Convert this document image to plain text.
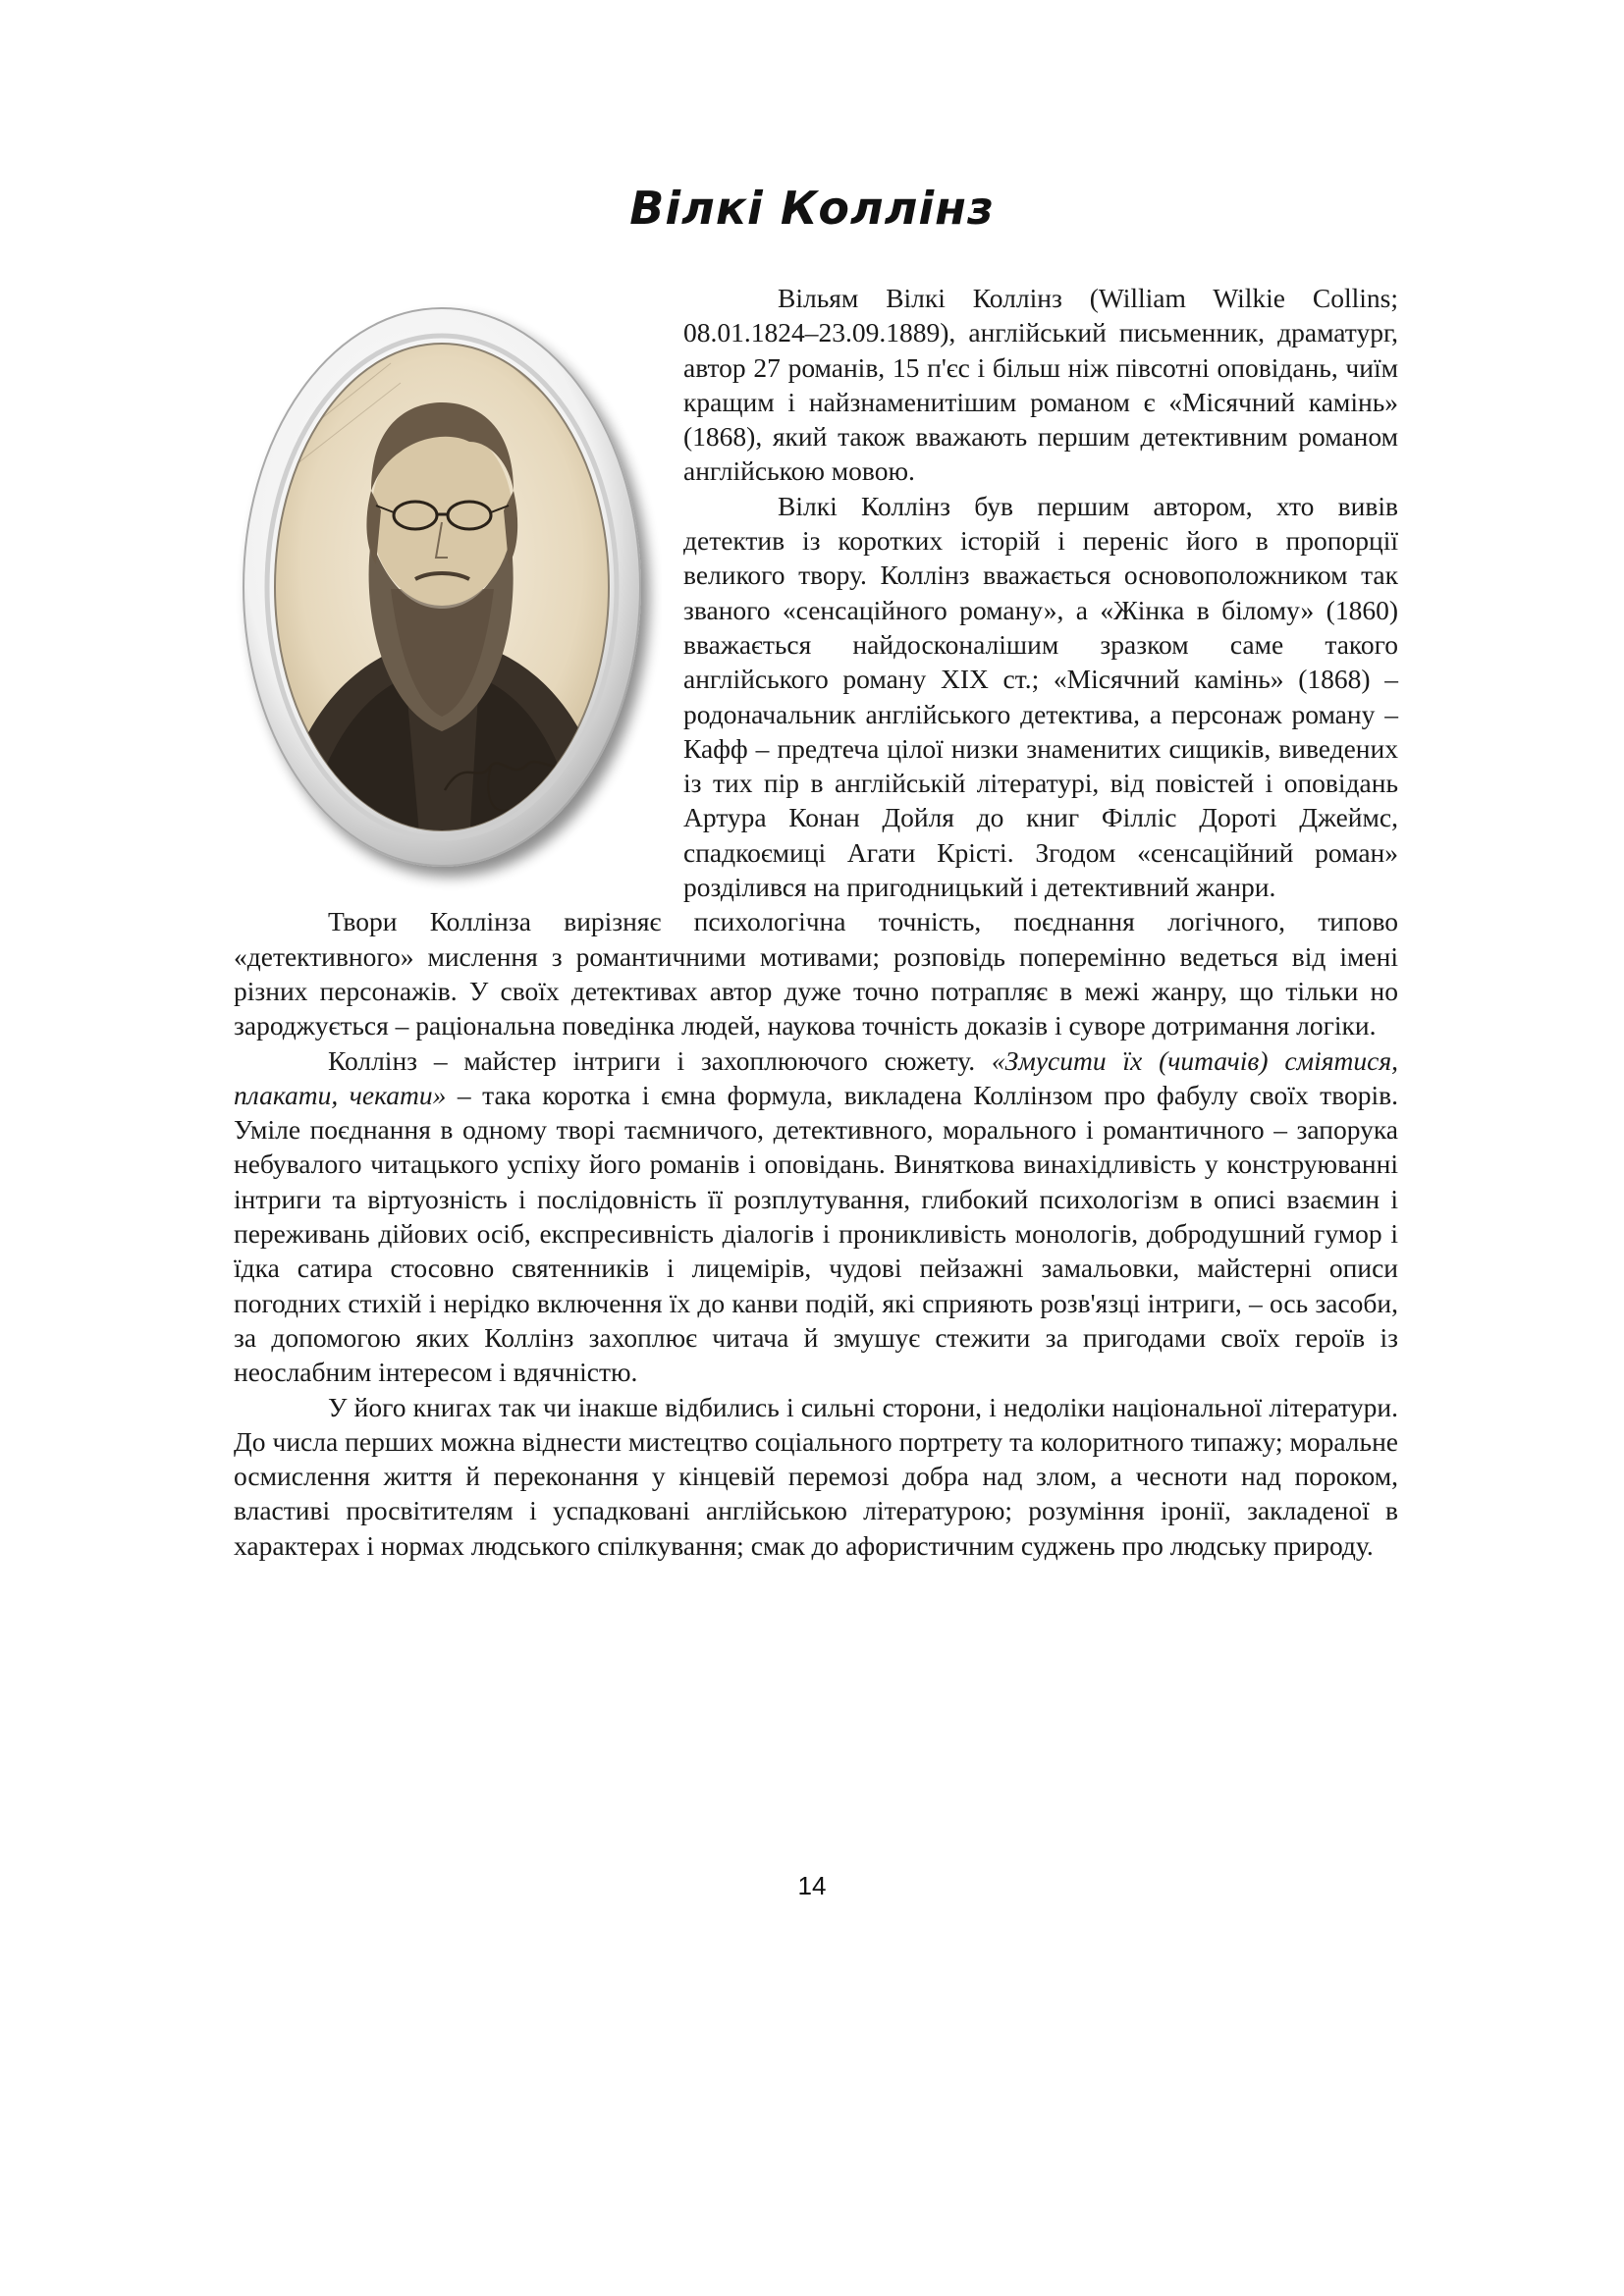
Вілкі Коллінз

Вільям Вілкі Коллінз (William Wilkie Collins; 08.01.1824–23.09.1889), англійський письменник, драматург, автор 27 романів, 15 п'єс і більш ніж півсотні оповідань, чиїм кращим і найзнаменитішим романом є «Місячний камінь» (1868), який також вважають першим детективним романом англійською мовою.

Вілкі Коллінз був першим автором, хто вивів детектив із коротких історій і переніс його в пропорції великого твору. Коллінз вважається основоположником так званого «сенсаційного роману», а «Жінка в білому» (1860) вважається найдосконалішим зразком саме такого англійського роману XIX ст.; «Місячний камінь» (1868) – родоначальник англійського детектива, а персонаж роману – Кафф – предтеча цілої низки знаменитих сищиків, виведених із тих пір в англійській літературі, від повістей і оповідань Артура Конан Дойля до книг Філліс Дороті Джеймс, спадкоємиці Агати Крісті. Згодом «сенсаційний роман» розділився на пригодницький і детективний жанри.

Твори Коллінза вирізняє психологічна точність, поєднання логічного, типово «детективного» мислення з романтичними мотивами; розповідь поперемінно ведеться від імені різних персонажів. У своїх детективах автор дуже точно потрапляє в межі жанру, що тільки но зароджується – раціональна поведінка людей, наукова точність доказів і суворе дотримання логіки.

Коллінз – майстер інтриги і захоплюючого сюжету. «Змусити їх (читачів) сміятися, плакати, чекати» – така коротка і ємна формула, викладена Коллінзом про фабулу своїх творів. Уміле поєднання в одному творі таємничого, детективного, морального і романтичного – запорука небувалого читацького успіху його романів і оповідань. Виняткова винахідливість у конструюванні інтриги та віртуозність і послідовність її розплутування, глибокий психологізм в описі взаємин і переживань дійових осіб, експресивність діалогів і проникливість монологів, добродушний гумор і їдка сатира стосовно святенників і лицемірів, чудові пейзажні замальовки, майстерні описи погодних стихій і нерідко включення їх до канви подій, які сприяють розв'язці інтриги, – ось засоби, за допомогою яких Коллінз захоплює читача й змушує стежити за пригодами своїх героїв із неослабним інтересом і вдячністю.

У його книгах так чи інакше відбились і сильні сторони, і недоліки національної літератури. До числа перших можна віднести мистецтво соціального портрету та колоритного типажу; моральне осмислення життя й переконання у кінцевій перемозі добра над злом, а чесноти над пороком, властиві просвітителям і успадковані англійською літературою; розуміння іронії, закладеної в характерах і нормах людського спілкування; смак до афористичним суджень про людську природу.

14
